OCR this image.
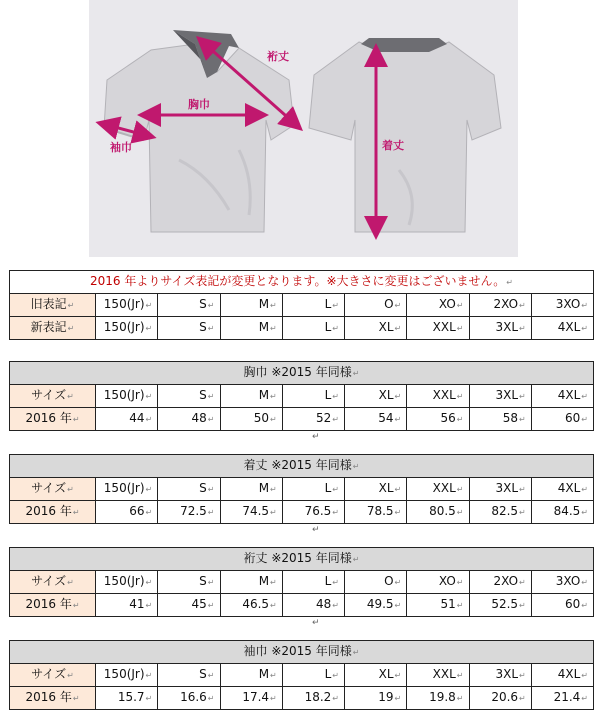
裄丈
胸巾
袖巾	着丈
2016 年よりサイズ表記が変更となります。※大きさに変更はございません。↵								
旧表記↵	150(Jr)↵	S↵	M↵	L↵	O↵	XO↵	2XO↵	3XO↵
新表記↵	150(Jr)↵	S↵	M↵	L↵	XL↵	XXL↵	3XL↵	4XL↵
胸巾 ※2015 年同様↵								
サイズ↵	150(Jr)↵	S↵	M↵	L↵	XL↵	XXL↵	3XL↵	4XL↵
2016 年↵	44↵	48↵	50↵	52↵	54↵	56↵	58↵	60↵
↵
着丈 ※2015 年同様↵								
サイズ↵	150(Jr)↵	S↵	M↵	L↵	XL↵	XXL↵	3XL↵	4XL↵
2016 年↵	66↵	72.5↵	74.5↵	76.5↵	78.5↵	80.5↵	82.5↵	84.5↵
↵
裄丈 ※2015 年同様↵								
サイズ↵	150(Jr)↵	S↵	M↵	L↵	O↵	XO↵	2XO↵	3XO↵
2016 年↵	41↵	45↵	46.5↵	48↵	49.5↵	51↵	52.5↵	60↵
↵
袖巾 ※2015 年同様↵								
サイズ↵	150(Jr)↵	S↵	M↵	L↵	XL↵	XXL↵	3XL↵	4XL↵
2016 年↵	15.7↵	16.6↵	17.4↵	18.2↵	19↵	19.8↵	20.6↵	21.4↵
